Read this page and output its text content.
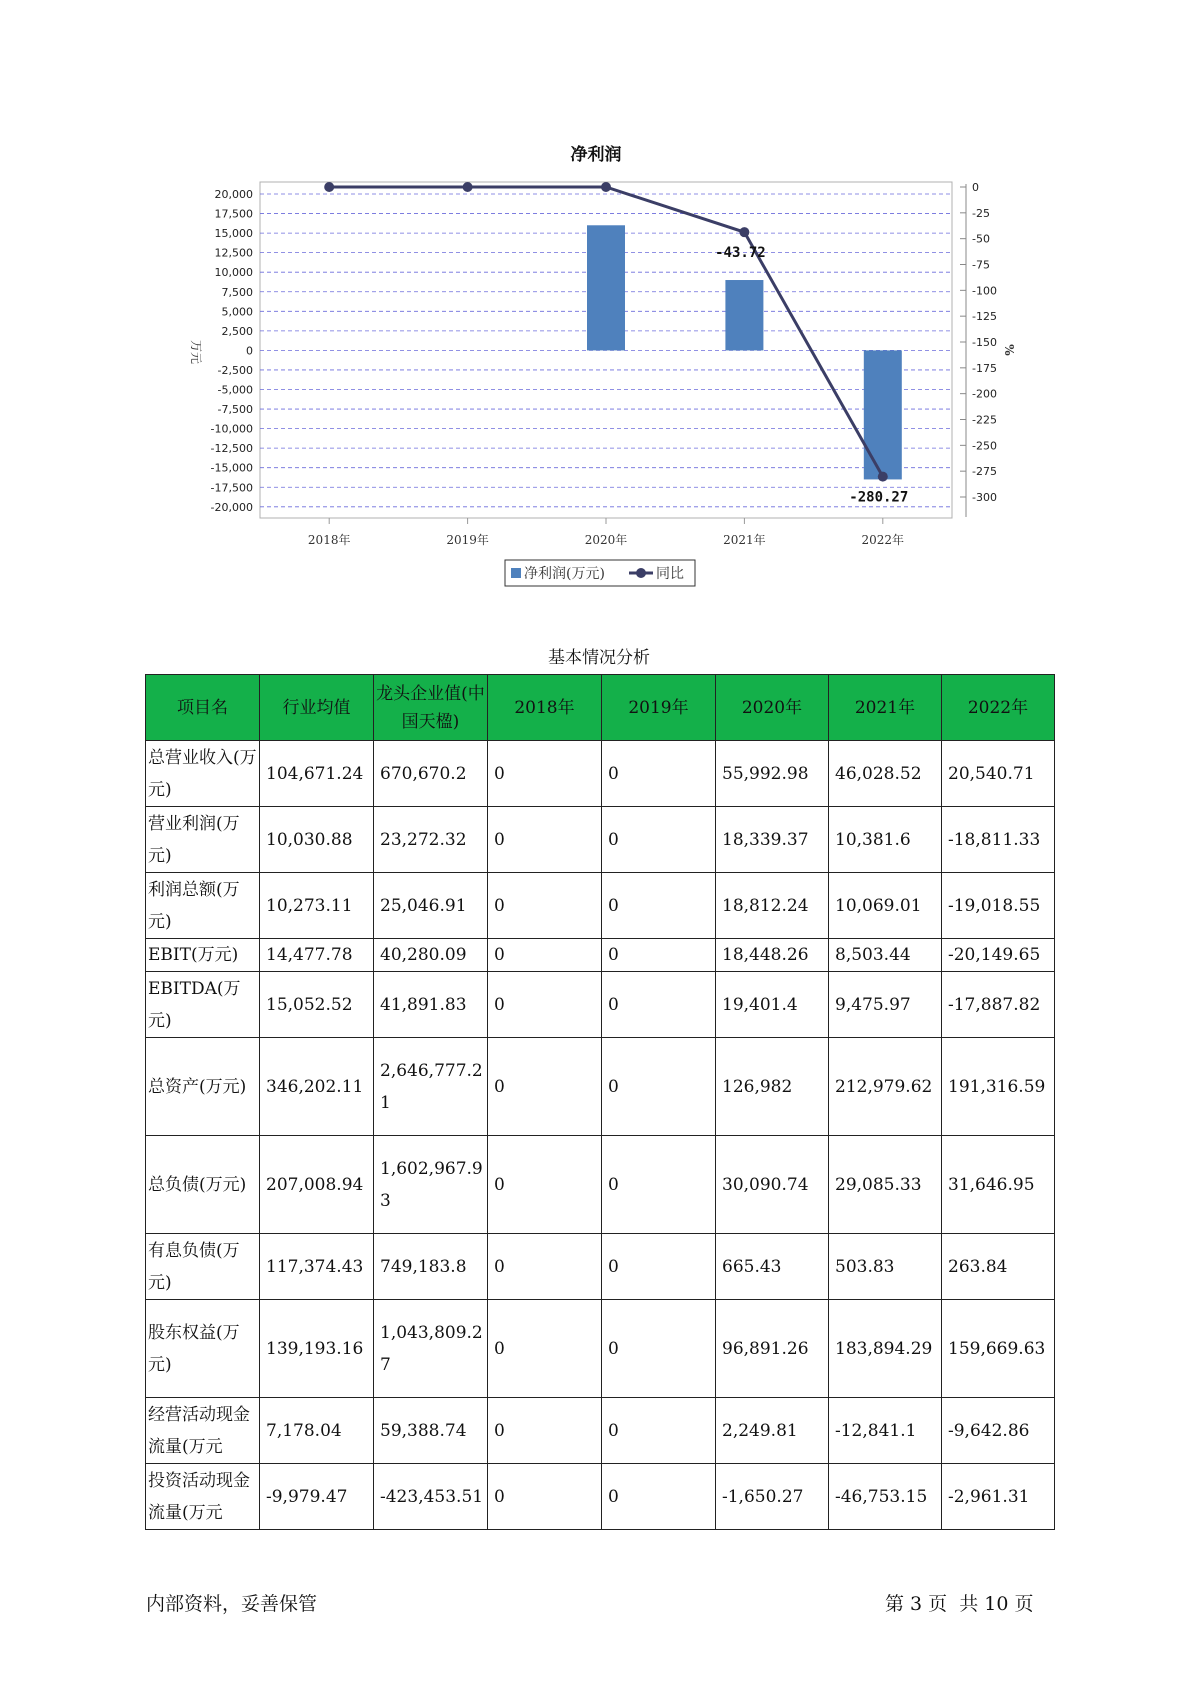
净利润
20,000
17,500
15,000
12,500
10,000
7,500
5,000
2,500
0
-2,500
-5,000
-7,500
-10,000
-12,500
-15,000
-17,500
-20,000
0
-25
-50
-75
-100
-125
-150
-175
-200
-225
-250
-275
-300
2018年	2019年	2020年	2021年	2022年
-43.72
-280.27
万元	%
净利润(万元)	同比
基本情况分析
项目名	行业均值	龙头企业值(中国天楹)	2018年	2019年	2020年	2021年	2022年
总营业收入(万元)	104,671.24	670,670.2	0	0	55,992.98	46,028.52	20,540.71
营业利润(万元)	10,030.88	23,272.32	0	0	18,339.37	10,381.6	-18,811.33
利润总额(万元)	10,273.11	25,046.91	0	0	18,812.24	10,069.01	-19,018.55
EBIT(万元)	14,477.78	40,280.09	0	0	18,448.26	8,503.44	-20,149.65
EBITDA(万元)	15,052.52	41,891.83	0	0	19,401.4	9,475.97	-17,887.82
总资产(万元)	346,202.11	2,646,777.21	0	0	126,982	212,979.62	191,316.59
总负债(万元)	207,008.94	1,602,967.93	0	0	30,090.74	29,085.33	31,646.95
有息负债(万元)	117,374.43	749,183.8	0	0	665.43	503.83	263.84
股东权益(万元)	139,193.16	1,043,809.27	0	0	96,891.26	183,894.29	159,669.63
经营活动现金流量(万元	7,178.04	59,388.74	0	0	2,249.81	-12,841.1	-9,642.86
投资活动现金流量(万元	-9,979.47	-423,453.51	0	0	-1,650.27	-46,753.15	-2,961.31
内部资料，妥善保管	第 3 页  共 10 页
